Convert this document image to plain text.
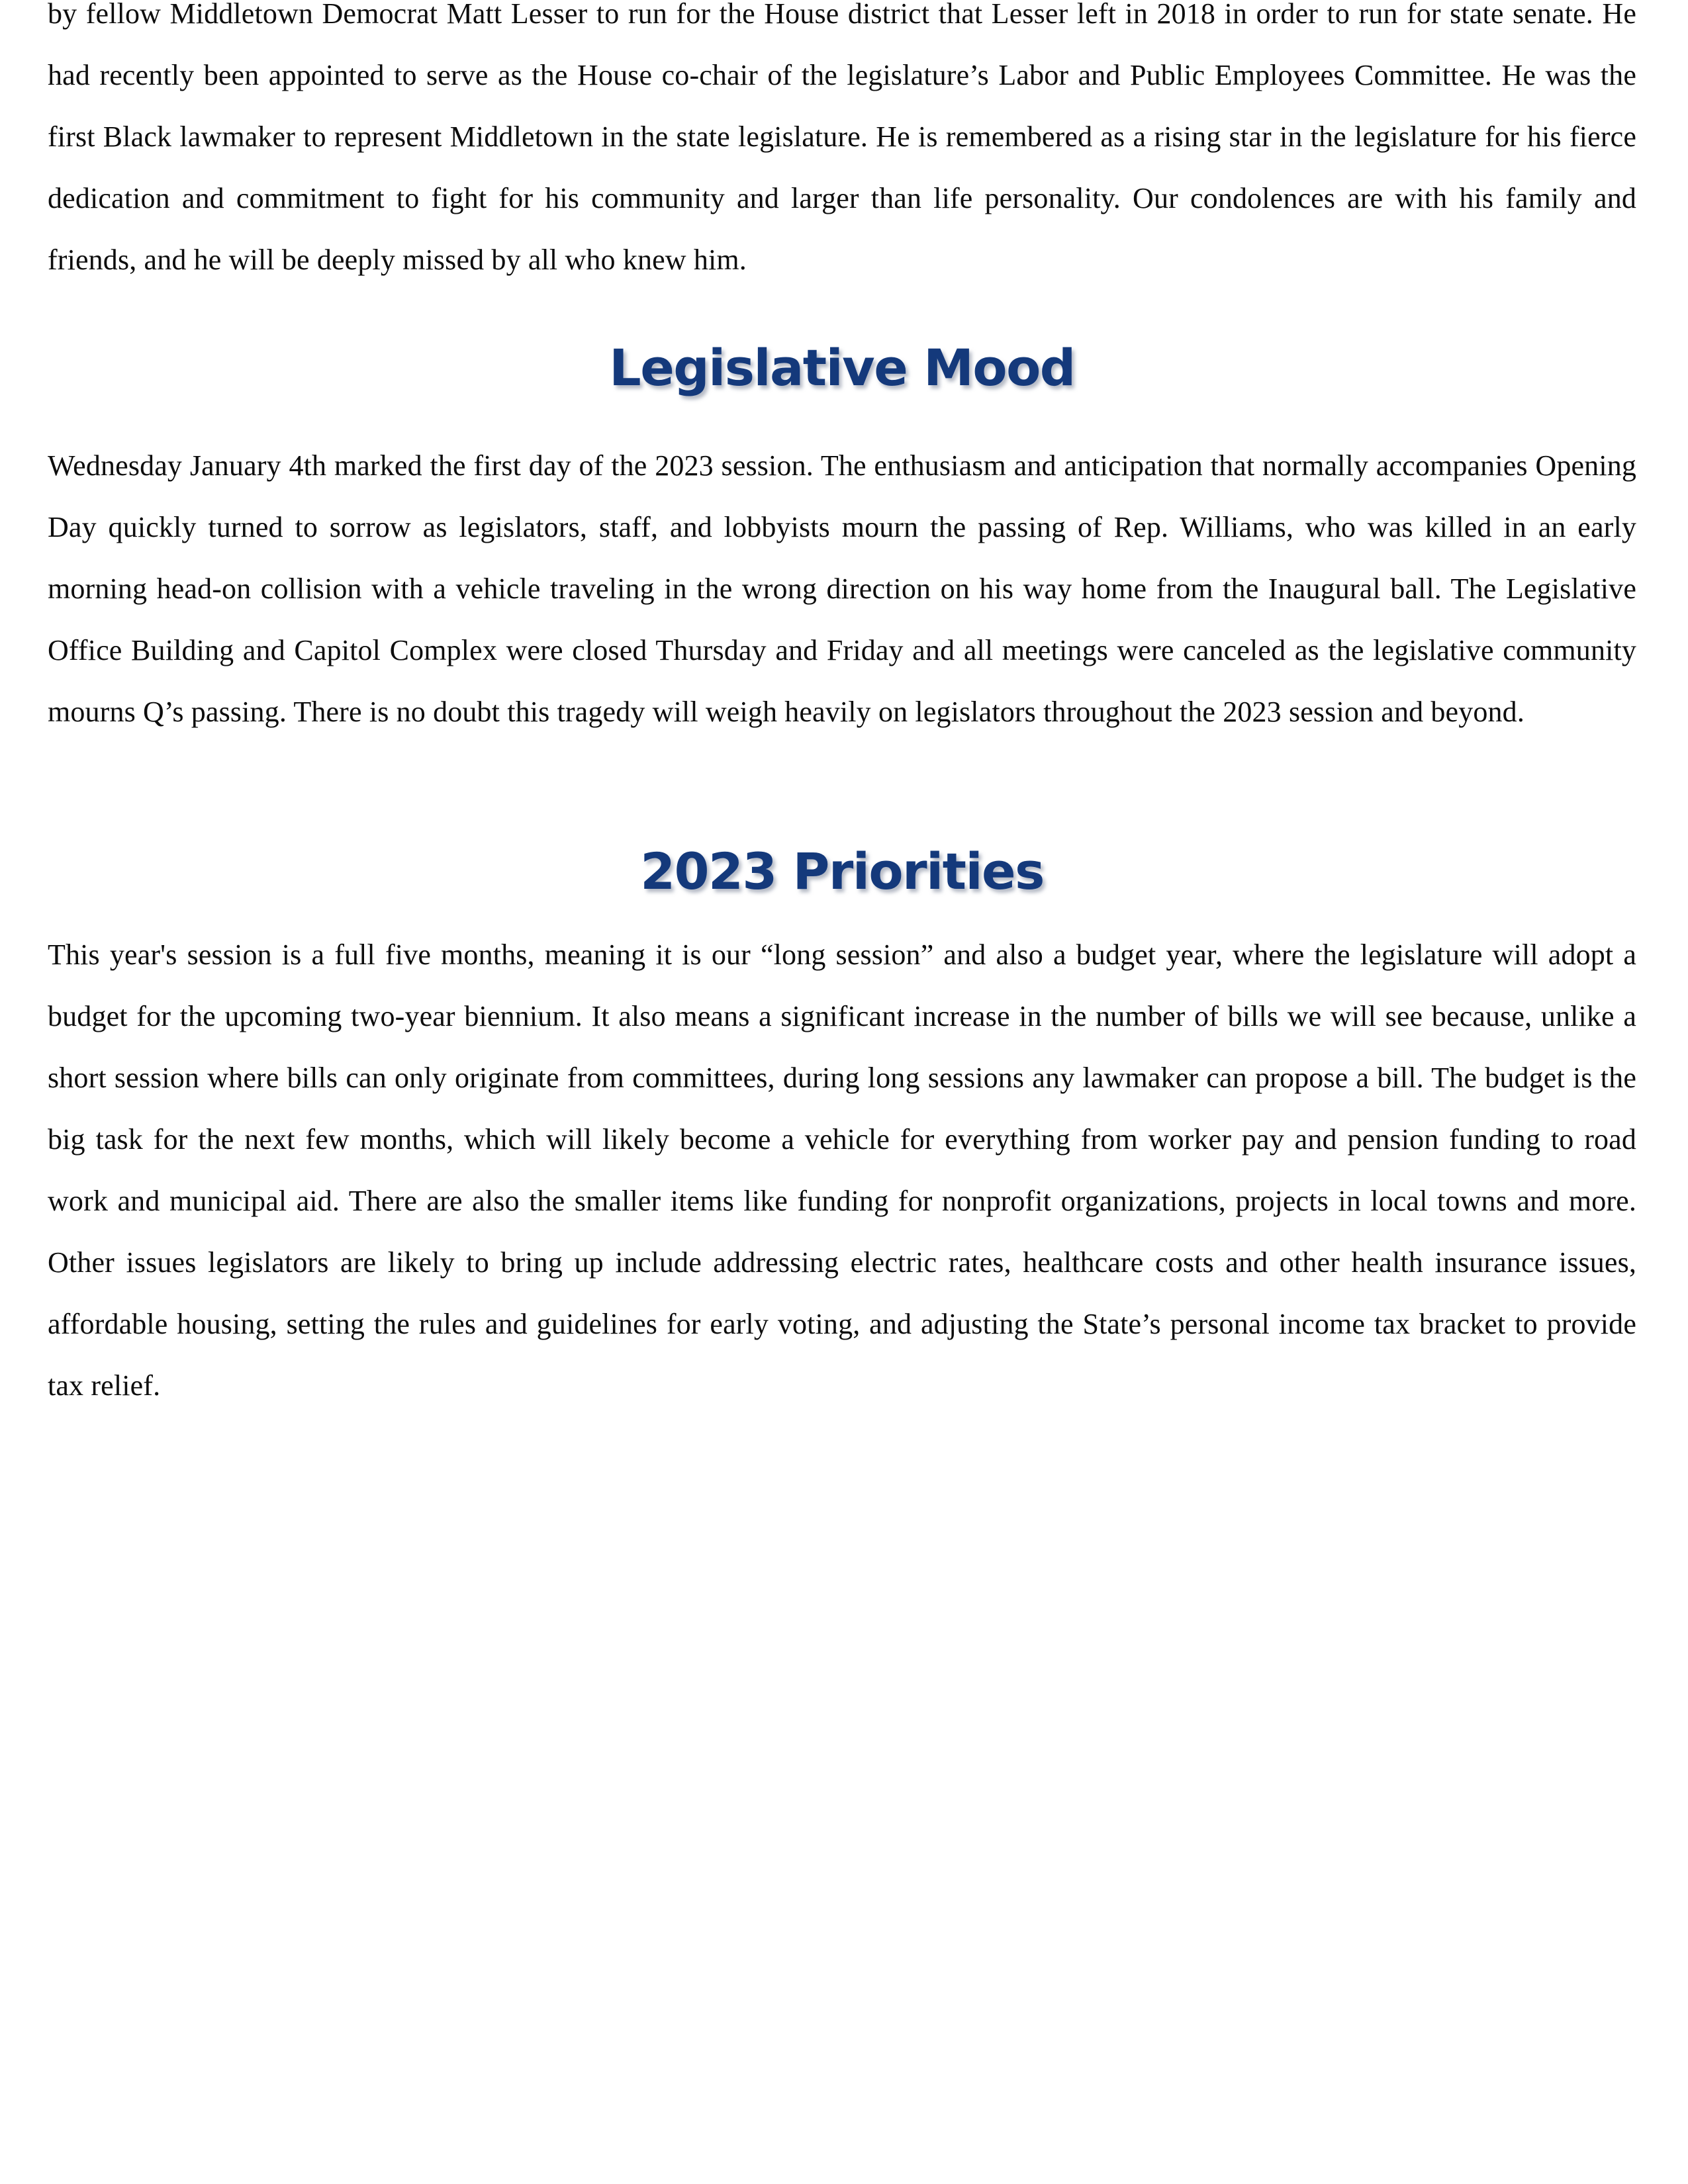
by fellow Middletown Democrat Matt Lesser to run for the House district that Lesser left in 2018 in order to run for state senate. He had recently been appointed to serve as the House co-chair of the legislature’s Labor and Public Employees Committee. He was the first Black lawmaker to represent Middletown in the state legislature. He is remembered as a rising star in the legislature for his fierce dedication and commitment to fight for his community and larger than life personality. Our condolences are with his family and friends, and he will be deeply missed by all who knew him.

Legislative Mood

Wednesday January 4th marked the first day of the 2023 session. The enthusiasm and anticipation that normally accompanies Opening Day quickly turned to sorrow as legislators, staff, and lobbyists mourn the passing of Rep. Williams, who was killed in an early morning head-on collision with a vehicle traveling in the wrong direction on his way home from the Inaugural ball. The Legislative Office Building and Capitol Complex were closed Thursday and Friday and all meetings were canceled as the legislative community mourns Q’s passing. There is no doubt this tragedy will weigh heavily on legislators throughout the 2023 session and beyond.

2023 Priorities

This year's session is a full five months, meaning it is our “long session” and also a budget year, where the legislature will adopt a budget for the upcoming two-year biennium. It also means a significant increase in the number of bills we will see because, unlike a short session where bills can only originate from committees, during long sessions any lawmaker can propose a bill. The budget is the big task for the next few months, which will likely become a vehicle for everything from worker pay and pension funding to road work and municipal aid. There are also the smaller items like funding for nonprofit organizations, projects in local towns and more. Other issues legislators are likely to bring up include addressing electric rates, healthcare costs and other health insurance issues, affordable housing, setting the rules and guidelines for early voting, and adjusting the State’s personal income tax bracket to provide tax relief.
